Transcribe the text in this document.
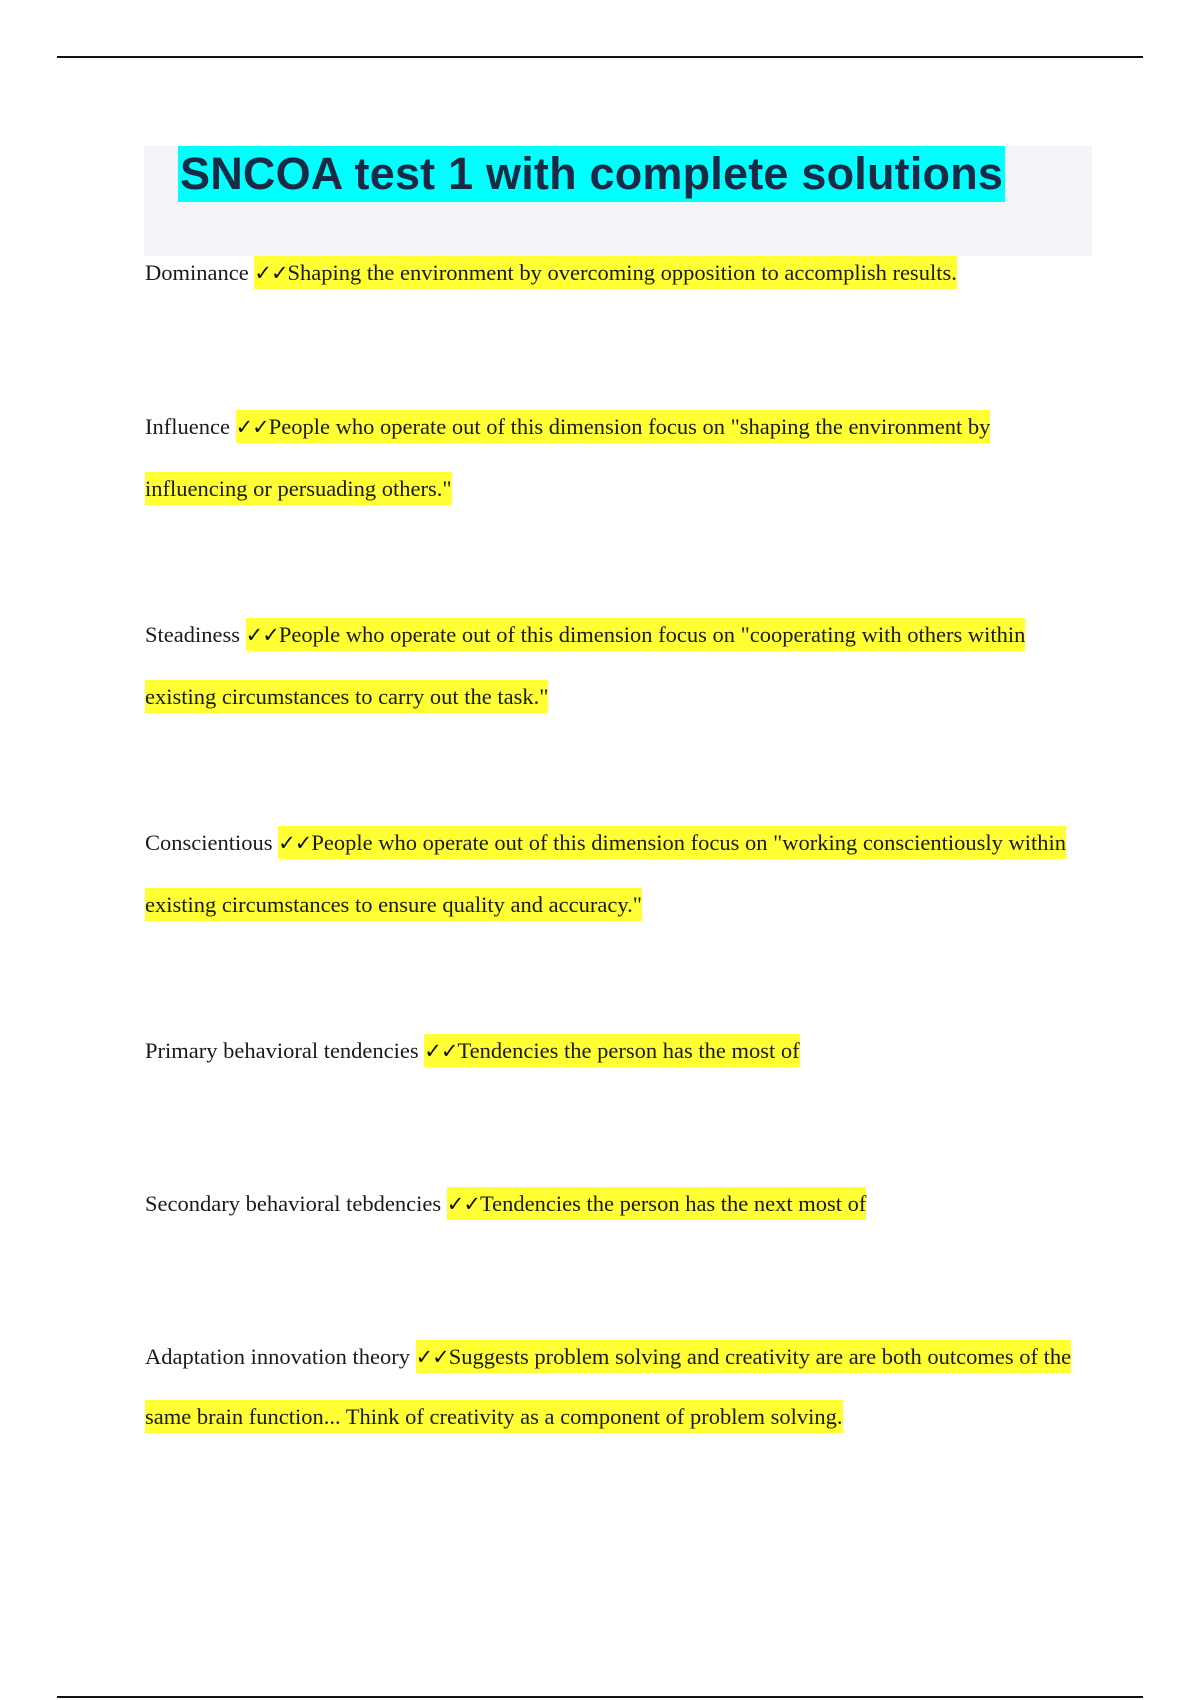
SNCOA test 1 with complete solutions

Dominance ✓✓Shaping the environment by overcoming opposition to accomplish results.

Influence ✓✓People who operate out of this dimension focus on "shaping the environment by influencing or persuading others."

Steadiness ✓✓People who operate out of this dimension focus on "cooperating with others within existing circumstances to carry out the task."

Conscientious ✓✓People who operate out of this dimension focus on "working conscientiously within existing circumstances to ensure quality and accuracy."

Primary behavioral tendencies ✓✓Tendencies the person has the most of

Secondary behavioral tebdencies ✓✓Tendencies the person has the next most of

Adaptation innovation theory ✓✓Suggests problem solving and creativity are are both outcomes of the same brain function... Think of creativity as a component of problem solving.
